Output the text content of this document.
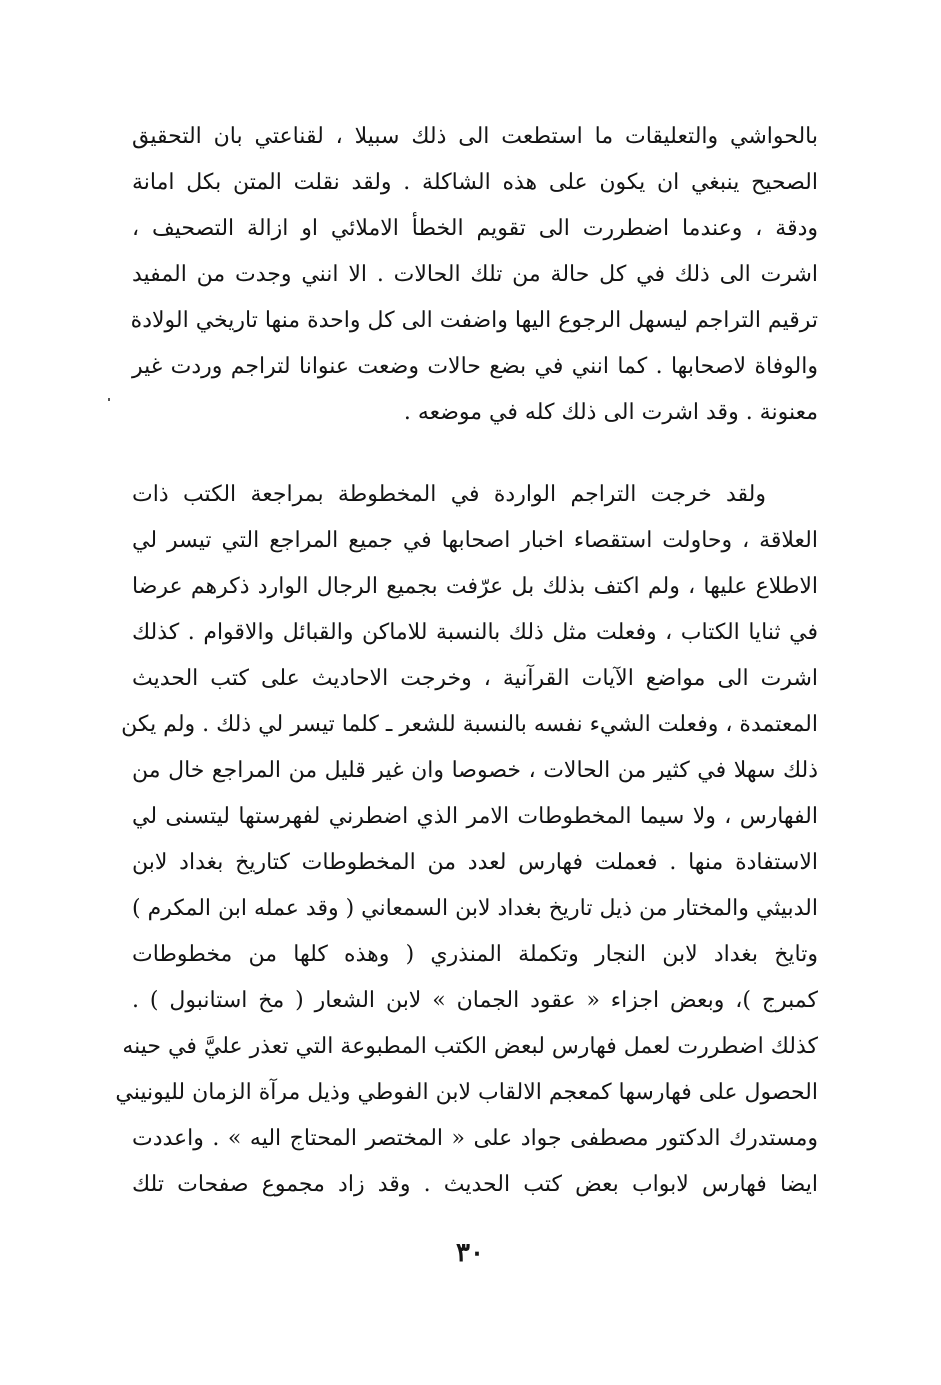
بالحواشي والتعليقات ما استطعت الى ذلك سبيلا ، لقناعتي بان التحقيق
الصحيح ينبغي ان يكون على هذه الشاكلة . ولقد نقلت المتن بكل امانة
ودقة ، وعندما اضطررت الى تقويم الخطأ الاملائي او ازالة التصحيف ،
اشرت الى ذلك في كل حالة من تلك الحالات . الا انني وجدت من المفيد
ترقيم التراجم ليسهل الرجوع اليها واضفت الى كل واحدة منها تاريخي الولادة
والوفاة لاصحابها . كما انني في بضع حالات وضعت عنوانا لتراجم وردت غير
معنونة . وقد اشرت الى ذلك كله في موضعه .
ولقد خرجت التراجم الواردة في المخطوطة بمراجعة الكتب ذات
العلاقة ، وحاولت استقصاء اخبار اصحابها في جميع المراجع التي تيسر لي
الاطلاع عليها ، ولم اكتف بذلك بل عرّفت بجميع الرجال الوارد ذكرهم عرضا
في ثنايا الكتاب ، وفعلت مثل ذلك بالنسبة للاماكن والقبائل والاقوام . كذلك
اشرت الى مواضع الآيات القرآنية ، وخرجت الاحاديث على كتب الحديث
المعتمدة ، وفعلت الشيء نفسه بالنسبة للشعر ـ كلما تيسر لي ذلك . ولم يكن
ذلك سهلا في كثير من الحالات ، خصوصا وان غير قليل من المراجع خال من
الفهارس ، ولا سيما المخطوطات الامر الذي اضطرني لفهرستها ليتسنى لي
الاستفادة منها . فعملت فهارس لعدد من المخطوطات كتاريخ بغداد لابن
الدبيثي والمختار من ذيل تاريخ بغداد لابن السمعاني ( وقد عمله ابن المكرم )
وتايخ بغداد لابن النجار وتكملة المنذري ( وهذه كلها من مخطوطات
كمبرج )، وبعض اجزاء « عقود الجمان » لابن الشعار ( مخ استانبول ) .
كذلك اضطررت لعمل فهارس لبعض الكتب المطبوعة التي تعذر عليَّ في حينه
الحصول على فهارسها كمعجم الالقاب لابن الفوطي وذيل مرآة الزمان لليونيني
ومستدرك الدكتور مصطفى جواد على « المختصر المحتاج اليه » . واعددت
ايضا فهارس لابواب بعض كتب الحديث . وقد زاد مجموع صفحات تلك
٣٠
